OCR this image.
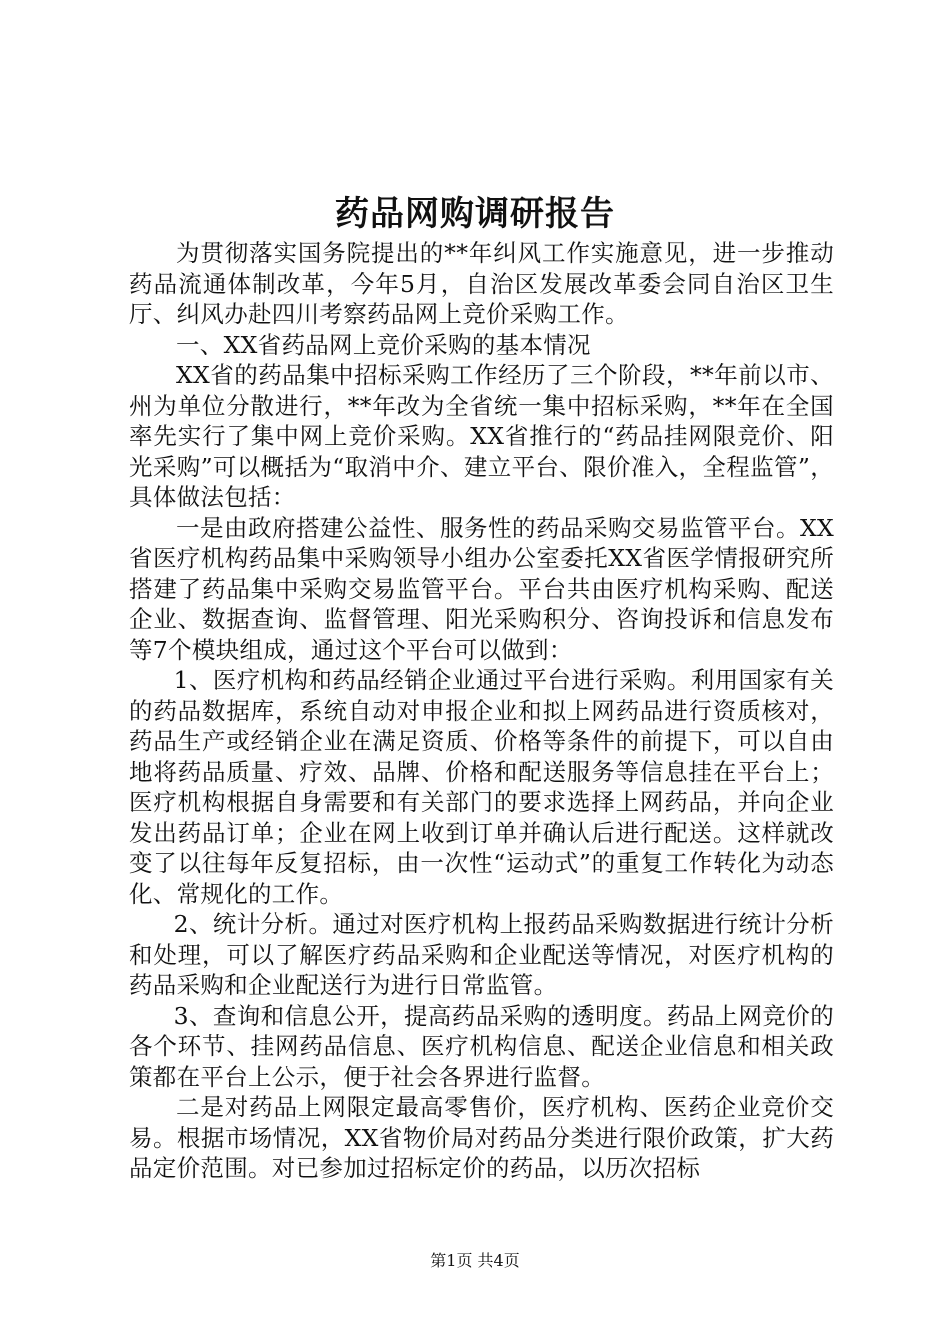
药品网购调研报告

为贯彻落实国务院提出的**年纠风工作实施意见，进一步推动药品流通体制改革，今年5月，自治区发展改革委会同自治区卫生厅、纠风办赴四川考察药品网上竞价采购工作。

一、XX省药品网上竞价采购的基本情况

XX省的药品集中招标采购工作经历了三个阶段，**年前以市、州为单位分散进行，**年改为全省统一集中招标采购，**年在全国率先实行了集中网上竞价采购。XX省推行的“药品挂网限竞价、阳光采购”可以概括为“取消中介、建立平台、限价准入，全程监管”，具体做法包括：

一是由政府搭建公益性、服务性的药品采购交易监管平台。XX省医疗机构药品集中采购领导小组办公室委托XX省医学情报研究所搭建了药品集中采购交易监管平台。平台共由医疗机构采购、配送企业、数据查询、监督管理、阳光采购积分、咨询投诉和信息发布等7个模块组成，通过这个平台可以做到：

1、医疗机构和药品经销企业通过平台进行采购。利用国家有关的药品数据库，系统自动对申报企业和拟上网药品进行资质核对，药品生产或经销企业在满足资质、价格等条件的前提下，可以自由地将药品质量、疗效、品牌、价格和配送服务等信息挂在平台上；医疗机构根据自身需要和有关部门的要求选择上网药品，并向企业发出药品订单；企业在网上收到订单并确认后进行配送。这样就改变了以往每年反复招标，由一次性“运动式”的重复工作转化为动态化、常规化的工作。

2、统计分析。通过对医疗机构上报药品采购数据进行统计分析和处理，可以了解医疗药品采购和企业配送等情况，对医疗机构的药品采购和企业配送行为进行日常监管。

3、查询和信息公开，提高药品采购的透明度。药品上网竞价的各个环节、挂网药品信息、医疗机构信息、配送企业信息和相关政策都在平台上公示，便于社会各界进行监督。

二是对药品上网限定最高零售价，医疗机构、医药企业竞价交易。根据市场情况，XX省物价局对药品分类进行限价政策，扩大药品定价范围。对已参加过招标定价的药品，以历次招标

第1页 共4页
